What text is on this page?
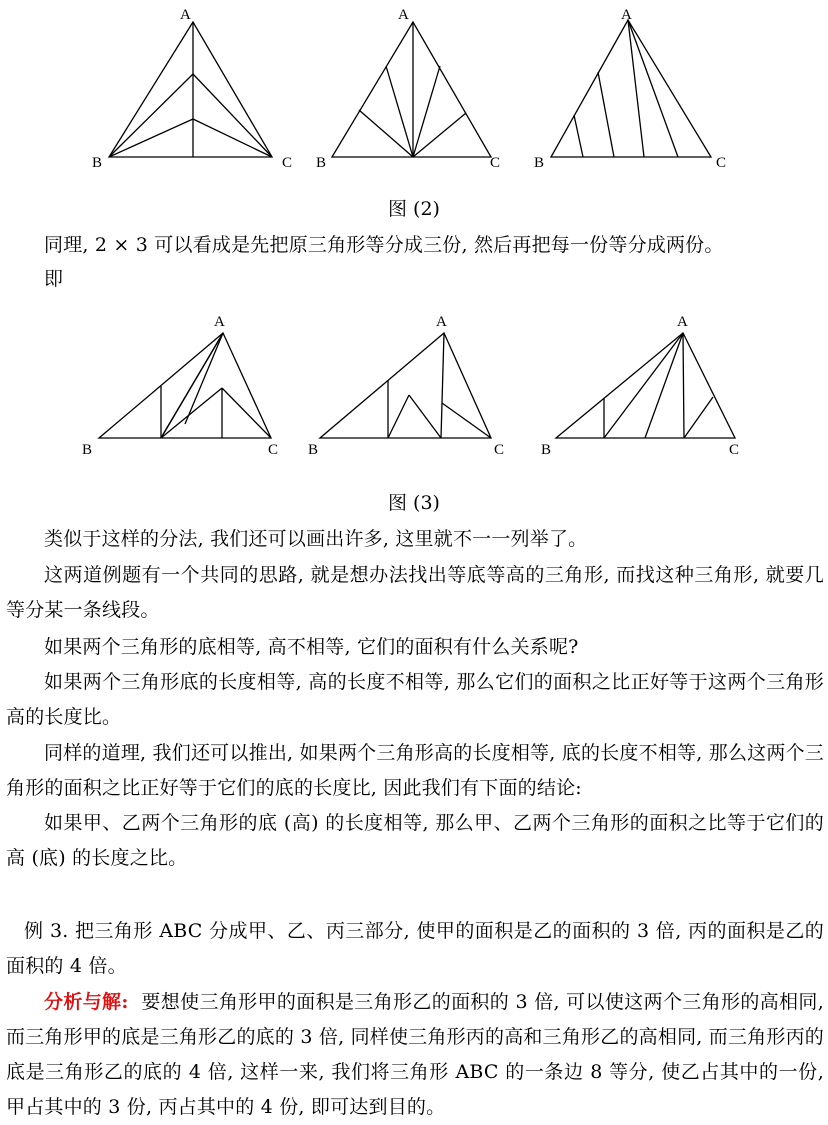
A
B	C
A
B	C
A
B	C
图 (2)

同理, 2 × 3 可以看成是先把原三角形等分成三份, 然后再把每一份等分成两份。

即

A
B	C
A
B	C
A
B	C
图 (3)

类似于这样的分法, 我们还可以画出许多, 这里就不一一列举了。

这两道例题有一个共同的思路, 就是想办法找出等底等高的三角形, 而找这种三角形, 就要几等分某一条线段。

如果两个三角形的底相等, 高不相等, 它们的面积有什么关系呢?

如果两个三角形底的长度相等, 高的长度不相等, 那么它们的面积之比正好等于这两个三角形高的长度比。

同样的道理, 我们还可以推出, 如果两个三角形高的长度相等, 底的长度不相等, 那么这两个三角形的面积之比正好等于它们的底的长度比, 因此我们有下面的结论:

如果甲、乙两个三角形的底 (高) 的长度相等, 那么甲、乙两个三角形的面积之比等于它们的高 (底) 的长度之比。

例 3. 把三角形 ABC 分成甲、乙、丙三部分, 使甲的面积是乙的面积的 3 倍, 丙的面积是乙的面积的 4 倍。

分析与解: 要想使三角形甲的面积是三角形乙的面积的 3 倍, 可以使这两个三角形的高相同, 而三角形甲的底是三角形乙的底的 3 倍, 同样使三角形丙的高和三角形乙的高相同, 而三角形丙的底是三角形乙的底的 4 倍, 这样一来, 我们将三角形 ABC 的一条边 8 等分, 使乙占其中的一份, 甲占其中的 3 份, 丙占其中的 4 份, 即可达到目的。
